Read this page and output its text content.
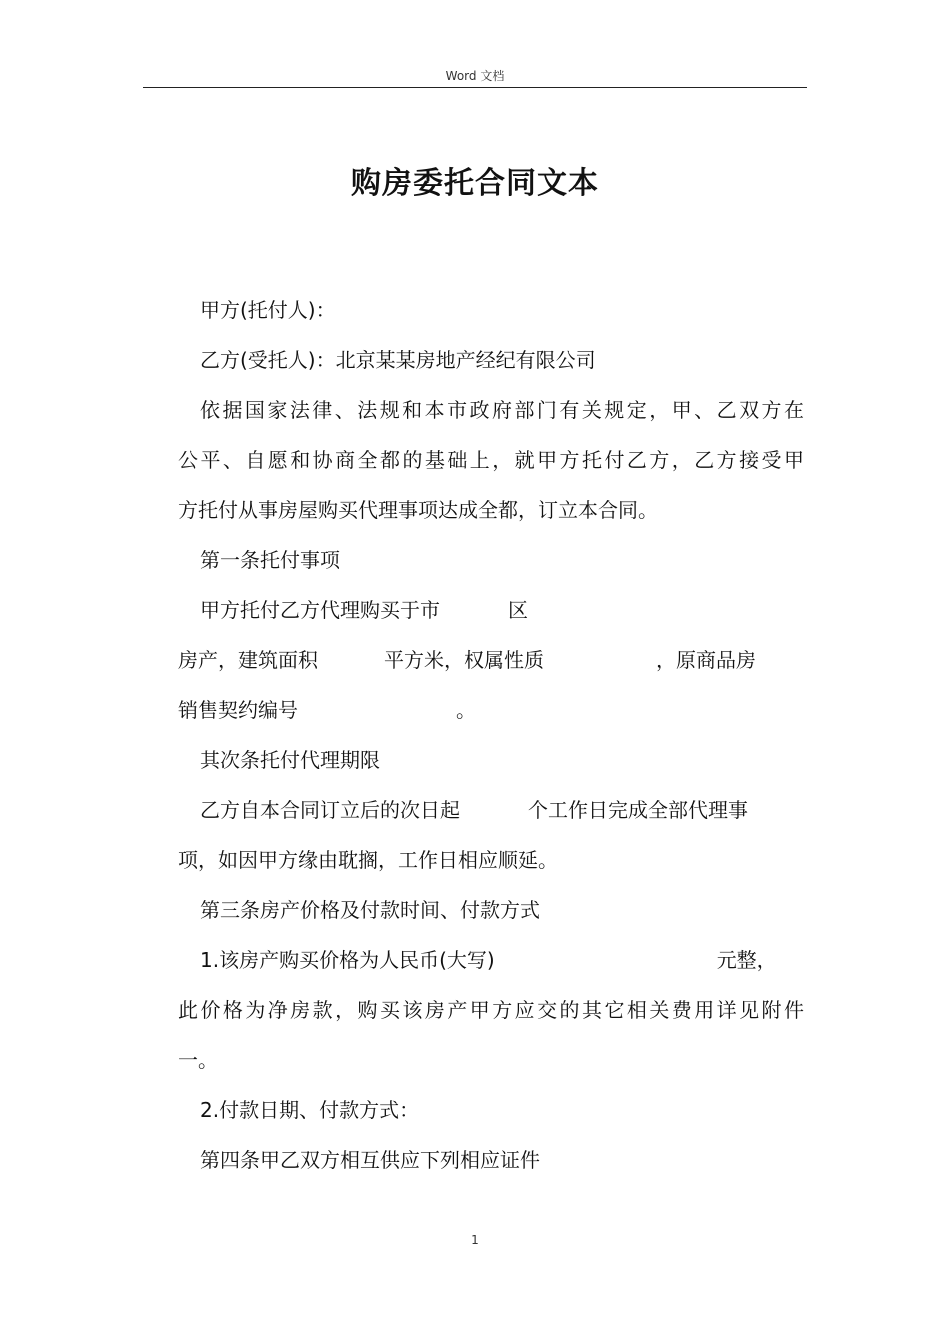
Word 文档
购房委托合同文本
甲方(托付人)：
乙方(受托人)：北京某某房地产经纪有限公司
依据国家法律、法规和本市政府部门有关规定，甲、乙双方在
公平、自愿和协商全都的基础上，就甲方托付乙方，乙方接受甲
方托付从事房屋购买代理事项达成全都，订立本合同。
第一条托付事项
甲方托付乙方代理购买于市	区
房产，建筑面积	平方米，权属性质	，原商品房
销售契约编号	。
其次条托付代理期限
乙方自本合同订立后的次日起	个工作日完成全部代理事
项，如因甲方缘由耽搁，工作日相应顺延。
第三条房产价格及付款时间、付款方式
1.该房产购买价格为人民币(大写)	元整，
此价格为净房款，购买该房产甲方应交的其它相关费用详见附件
一。
2.付款日期、付款方式：
第四条甲乙双方相互供应下列相应证件
1
